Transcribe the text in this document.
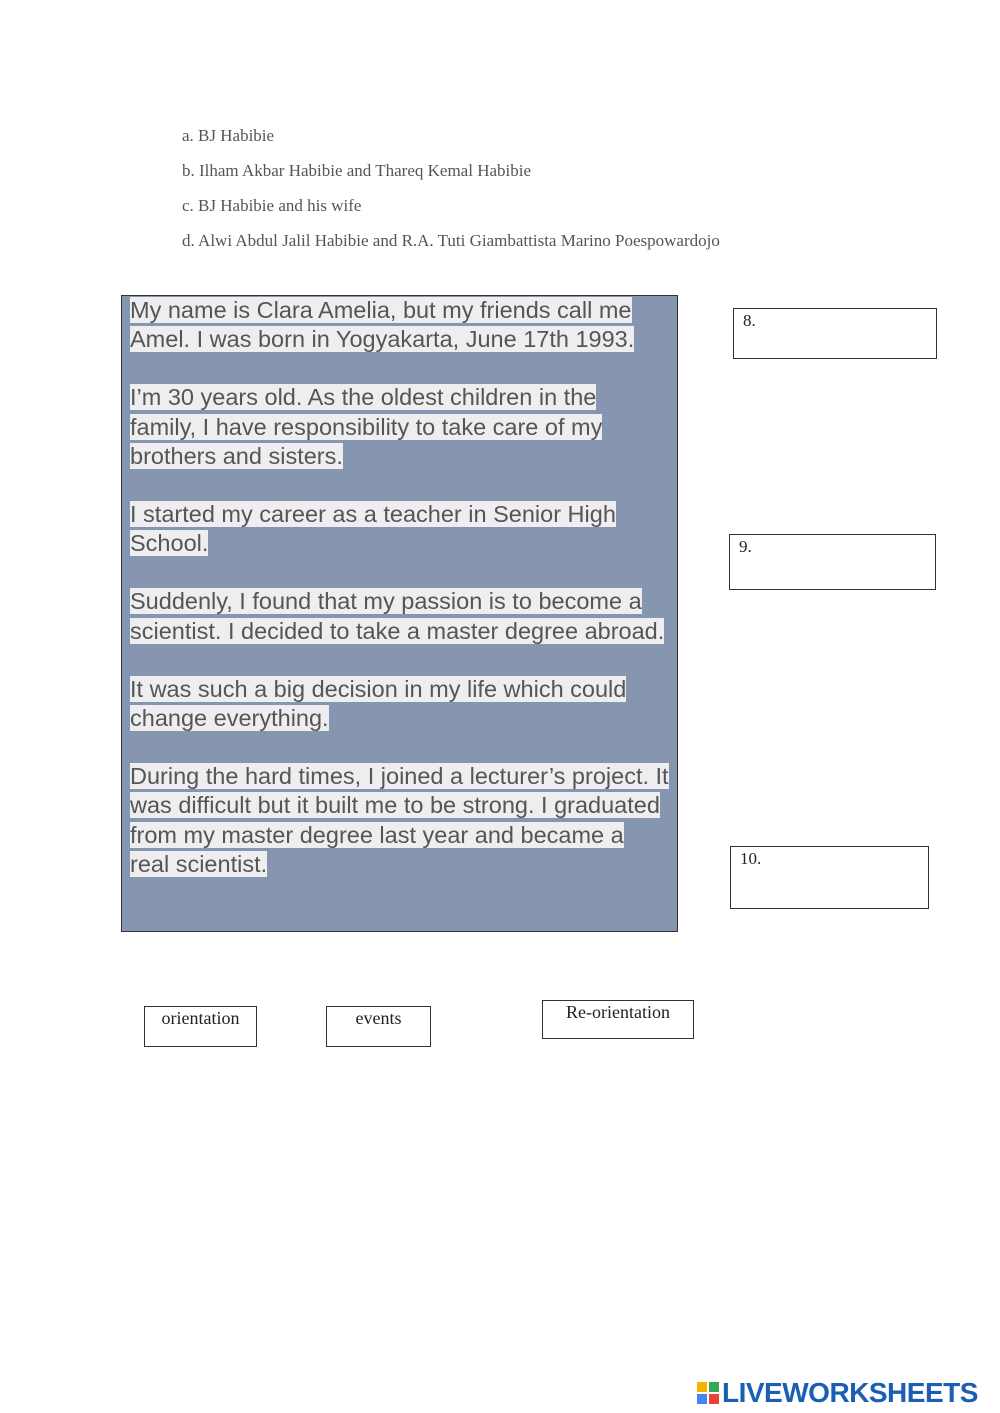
a. BJ Habibie
b. Ilham Akbar Habibie and Thareq Kemal Habibie
c. BJ Habibie and his wife
d. Alwi Abdul Jalil Habibie and R.A. Tuti Giambattista Marino Poespowardojo

My name is Clara Amelia, but my friends call me Amel. I was born in Yogyakarta, June 17th 1993.

I’m 30 years old. As the oldest children in the family, I have responsibility to take care of my brothers and sisters.

I started my career as a teacher in Senior High School.

Suddenly, I found that my passion is to become a scientist. I decided to take a master degree abroad.

It was such a big decision in my life which could change everything.

During the hard times, I joined a lecturer’s project. It was difficult but it built me to be strong. I graduated from my master degree last year and became a real scientist.

8.
9.
10.
orientation	events	Re-orientation
LIVEWORKSHEETS
